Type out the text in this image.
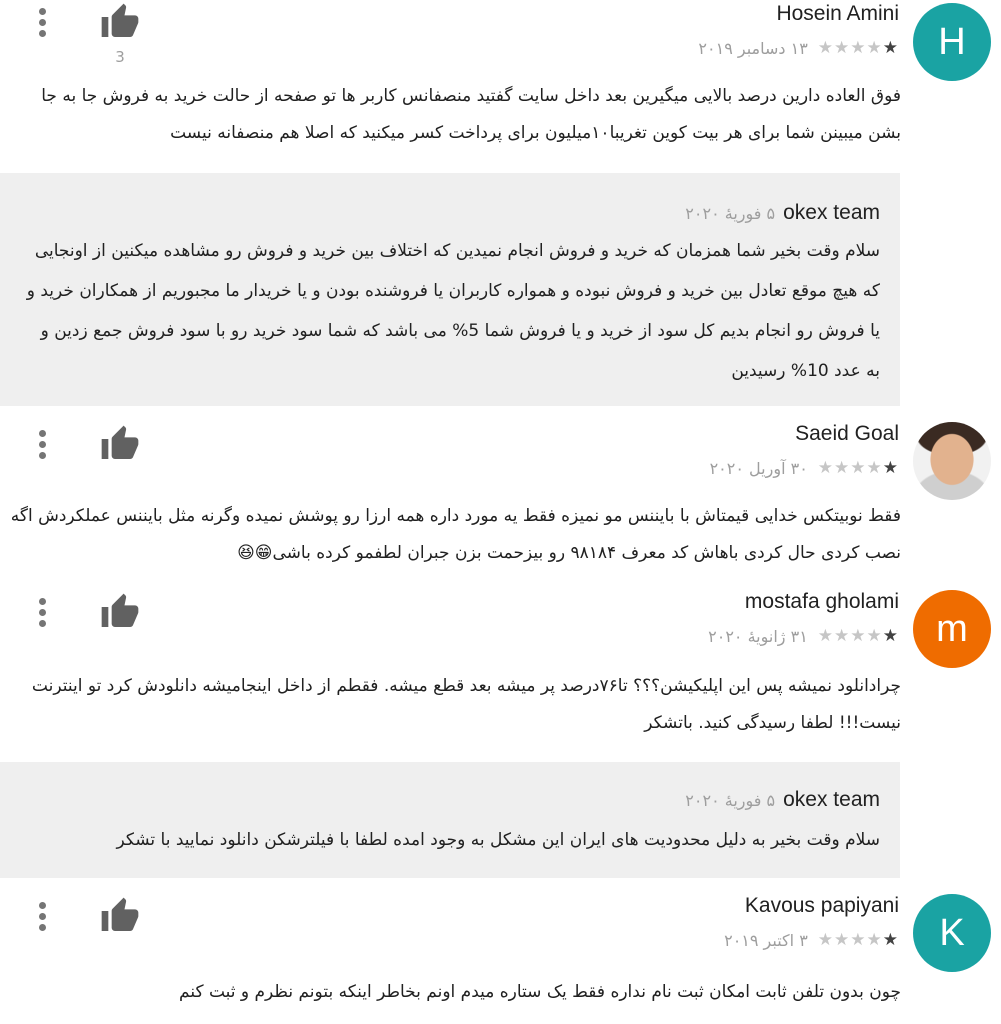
3
Hosein Amini
★★★★★
۱۳ دسامبر ۲۰۱۹	H
فوق العاده دارین درصد بالایی میگیرین بعد داخل سایت گفتید منصفانس کاربر ها تو صفحه از حالت خرید به فروش جا به جا بشن میبینن شما برای هر بیت کوین تغریبا۱۰میلیون برای پرداخت کسر میکنید که اصلا هم منصفانه نیست
okex team
۵ فوریهٔ ۲۰۲۰
سلام وقت بخیر شما همزمان که خرید و فروش انجام نمیدین که اختلاف بین خرید و فروش رو مشاهده میکنین از اونجایی که هیچ موقع تعادل بین خرید و فروش نبوده و همواره کاربران یا فروشنده بودن و یا خریدار ما مجبوریم از همکاران خرید و یا فروش رو انجام بدیم کل سود از خرید و یا فروش شما 5% می باشد که شما سود خرید رو با سود فروش جمع زدین و به عدد 10% رسیدین
Saeid Goal
★★★★★
۳۰ آوریل ۲۰۲۰
فقط نوبیتکس خدایی قیمتاش با بایننس مو نمیزه فقط یه مورد داره همه ارزا رو پوشش نمیده وگرنه مثل بایننس عملکردش اگه نصب کردی حال کردی باهاش کد معرف ۹۸۱۸۴ رو بیزحمت بزن جبران لطفمو کرده باشی😁😆
mostafa gholami
★★★★★
۳۱ ژانویهٔ ۲۰۲۰	m
چرادانلود نمیشه پس این اپلیکیشن؟؟؟ تا۷۶درصد پر میشه بعد قطع میشه. فقطم از داخل اینجامیشه دانلودش کرد تو اینترنت نیست!!! لطفا رسیدگی کنید. باتشکر
okex team
۵ فوریهٔ ۲۰۲۰
سلام وقت بخیر به دلیل محدودیت های ایران این مشکل به وجود امده لطفا با فیلترشکن دانلود نمایید با تشکر
Kavous papiyani
★★★★★
۳ اکتبر ۲۰۱۹	K
چون بدون تلفن ثابت امکان ثبت نام نداره فقط یک ستاره میدم اونم بخاطر اینکه بتونم نظرم و ثبت کنم
